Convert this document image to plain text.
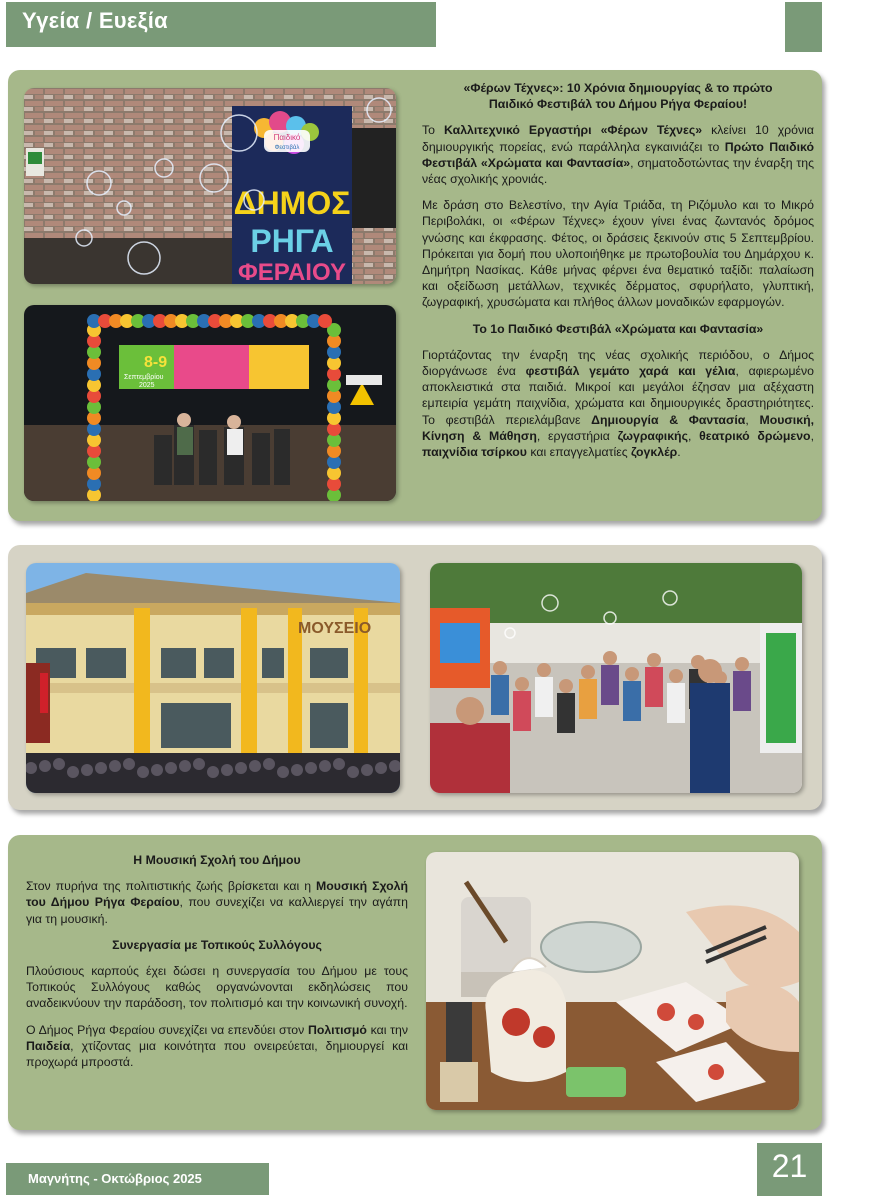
Υγεία / Ευεξία
Παιδικό
Φεστιβάλ
ΔΗΜΟΣ
ΡΗΓΑ
ΦΕΡΑΙΟΥ
8-9
Σεπτεμβρίου
2025
«Φέρων Τέχνες»: 10 Χρόνια δημιουργίας & το πρώτο
Παιδικό Φεστιβάλ του Δήμου Ρήγα Φεραίου!

Το Καλλιτεχνικό Εργαστήρι «Φέρων Τέχνες» κλείνει 10 χρόνια δημιουργικής πορείας, ενώ παράλληλα εγκαινιάζει το Πρώτο Παιδικό Φεστιβάλ «Χρώματα και Φαντασία», σηματοδοτώντας την έναρξη της νέας σχολικής χρονιάς.

Με δράση στο Βελεστίνο, την Αγία Τριάδα, τη Ριζόμυλο και το Μικρό Περιβολάκι, οι «Φέρων Τέχνες» έχουν γίνει ένας ζωντανός δρόμος γνώσης και έκφρασης. Φέτος, οι δράσεις ξεκινούν στις 5 Σεπτεμβρίου. Πρόκειται για δομή που υλοποιήθηκε με πρωτοβουλία του Δημάρχου κ. Δημήτρη Νασίκας. Κάθε μήνας φέρνει ένα θεματικό ταξίδι: παλαίωση και οξείδωση μετάλλων, τεχνικές δέρματος, σφυρήλατο, γλυπτική, ζωγραφική, χρυσώματα και πλήθος άλλων μοναδικών εφαρμογών.

Το 1ο Παιδικό Φεστιβάλ «Χρώματα και Φαντασία»

Γιορτάζοντας την έναρξη της νέας σχολικής περιόδου, ο Δήμος διοργάνωσε ένα φεστιβάλ γεμάτο χαρά και γέλια, αφιερωμένο αποκλειστικά στα παιδιά. Μικροί και μεγάλοι έζησαν μια αξέχαστη εμπειρία γεμάτη παιχνίδια, χρώματα και δημιουργικές δραστηριότητες. Το φεστιβάλ περιελάμβανε Δημιουργία & Φαντασία, Μουσική, Κίνηση & Μάθηση, εργαστήρια ζωγραφικής, θεατρικό δρώμενο, παιχνίδια τσίρκου και επαγγελματίες ζογκλέρ.

ΜΟΥΣΕΙΟ
Η Μουσική Σχολή του Δήμου

Στον πυρήνα της πολιτιστικής ζωής βρίσκεται και η Μουσική Σχολή του Δήμου Ρήγα Φεραίου, που συνεχίζει να καλλιεργεί την αγάπη για τη μουσική.

Συνεργασία με Τοπικούς Συλλόγους

Πλούσιους καρπούς έχει δώσει η συνεργασία του Δήμου με τους Τοπικούς Συλλόγους καθώς οργανώνονται εκδηλώσεις που αναδεικνύουν την παράδοση, τον πολιτισμό και την κοινωνική συνοχή.

Ο Δήμος Ρήγα Φεραίου συνεχίζει να επενδύει στον Πολιτισμό και την Παιδεία, χτίζοντας μια κοινότητα που ονειρεύεται, δημιουργεί και προχωρά μπροστά.

Μαγνήτης - Οκτώβριος 2025	21
